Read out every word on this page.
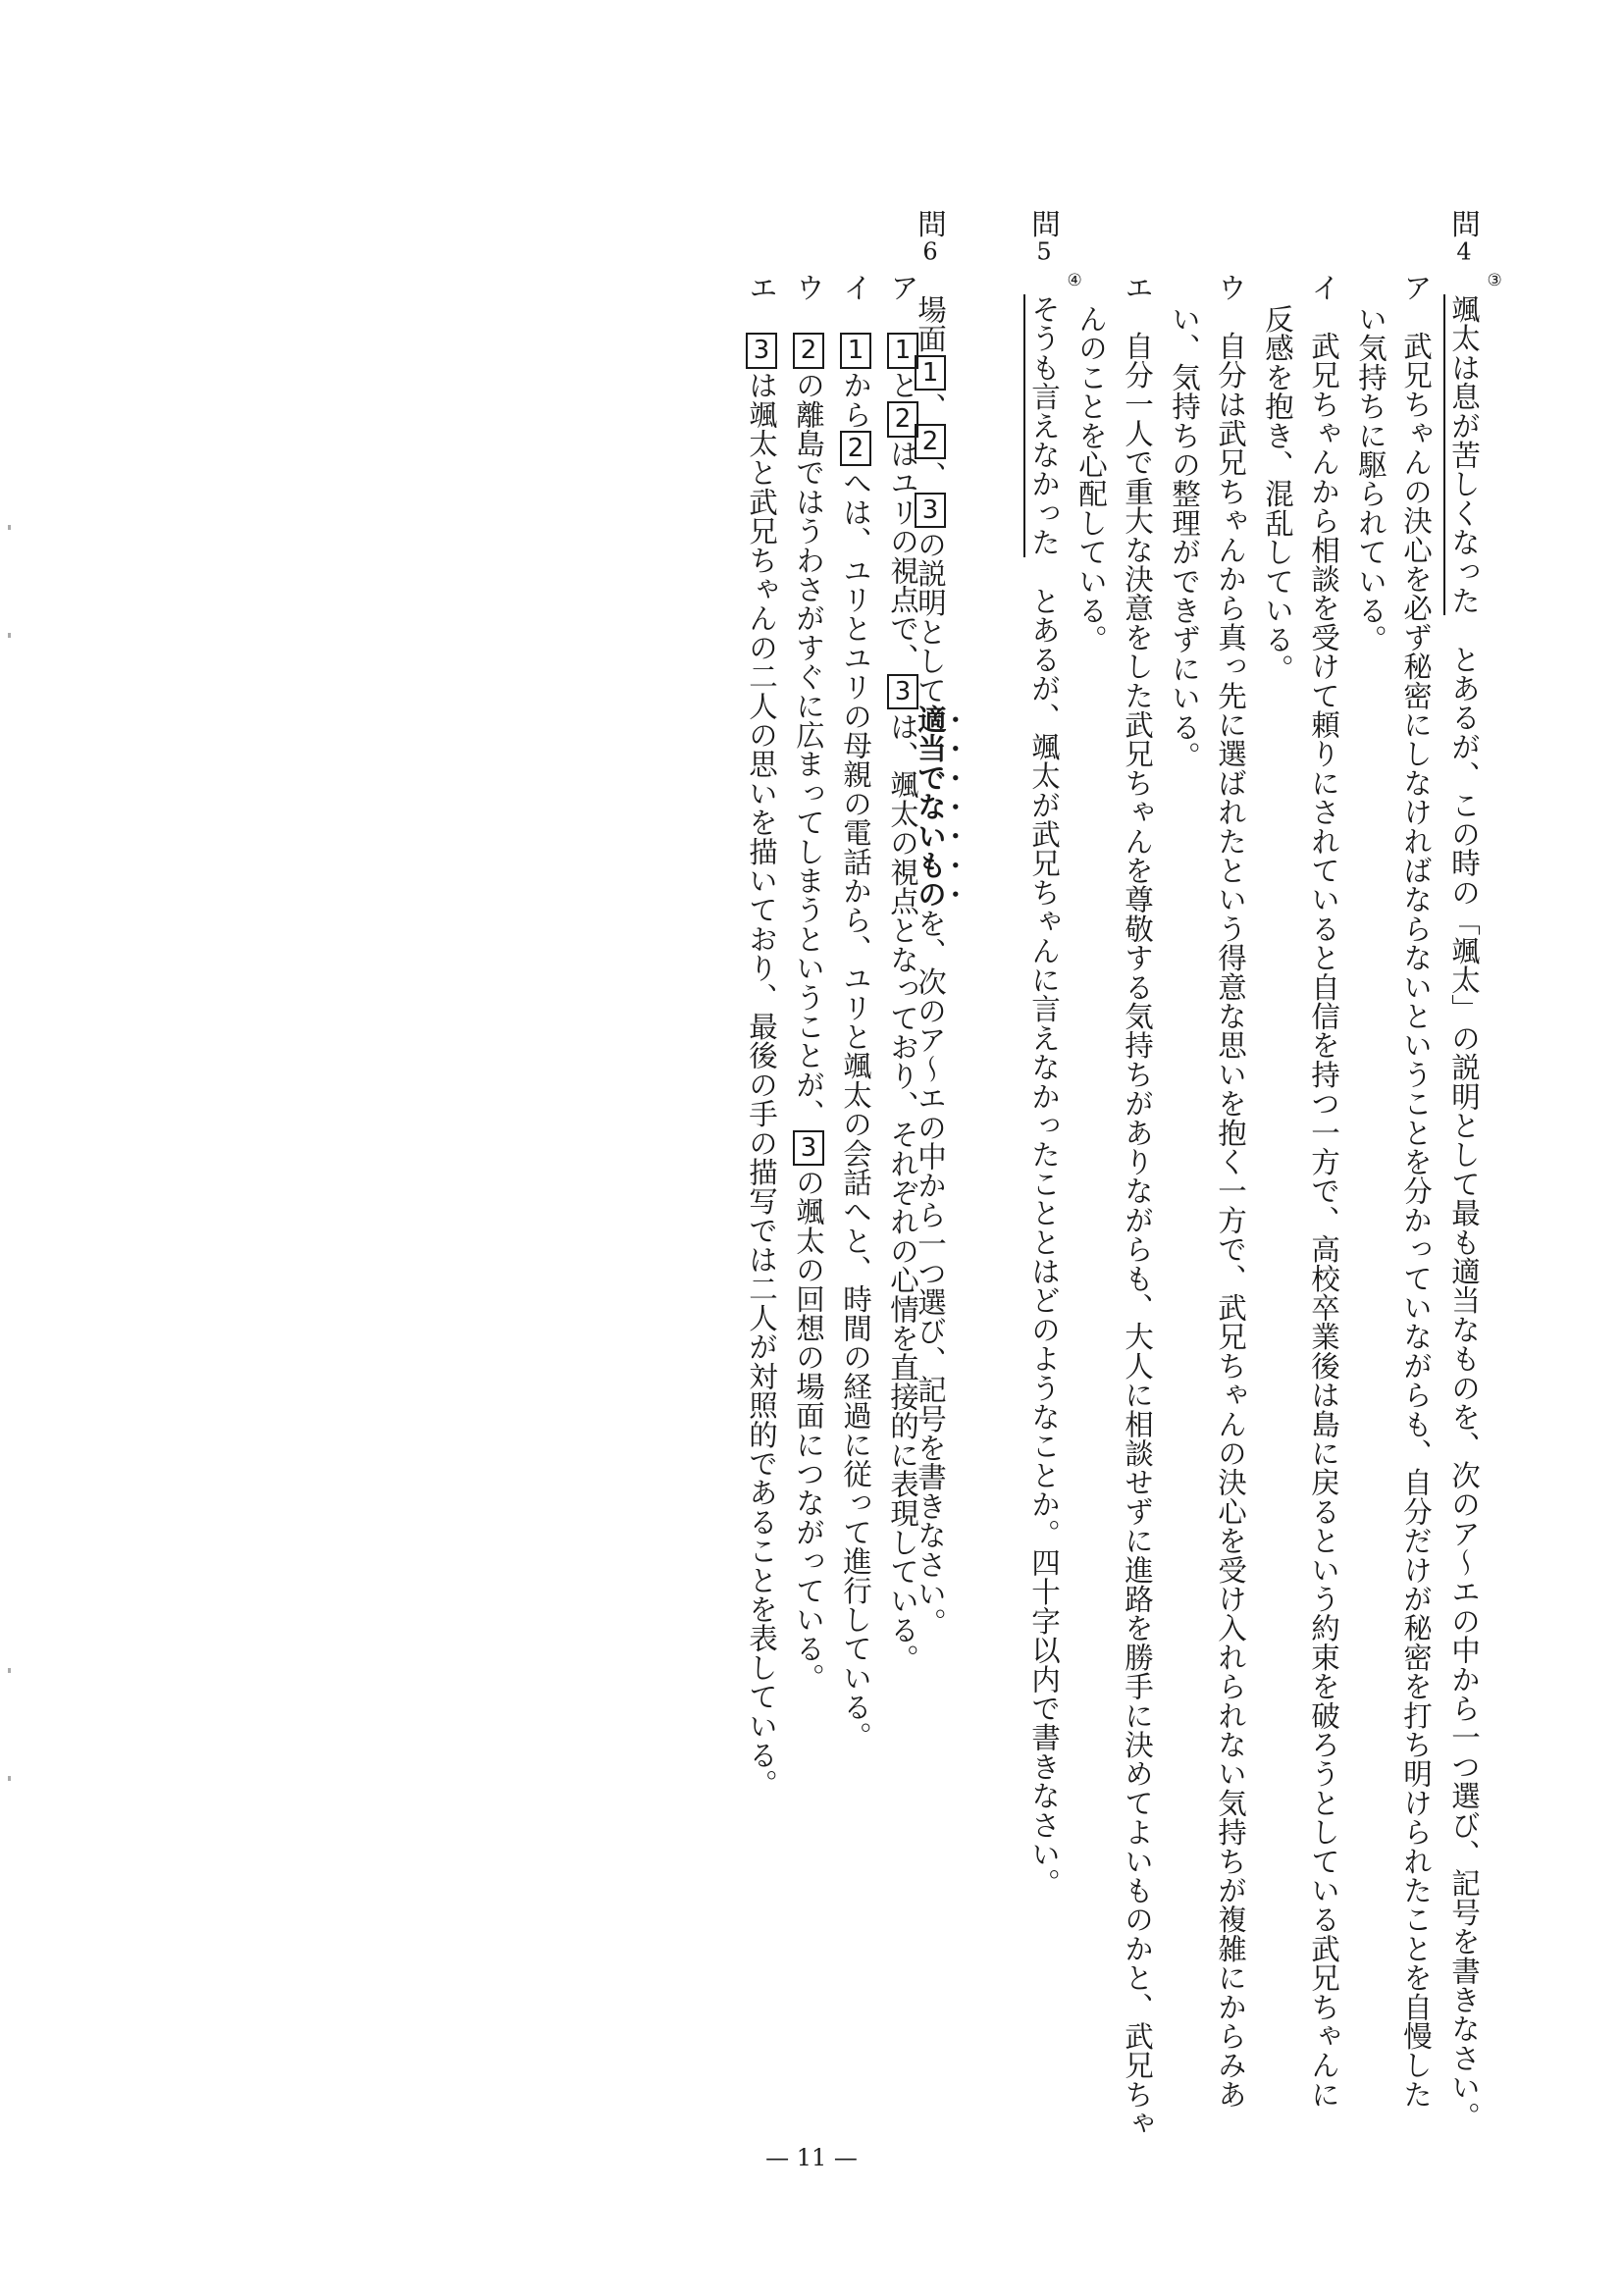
問4　
③
颯太は息が苦しくなった　とあるが、この時の「颯太」の説明として最も適当なものを、次のア～エの中から一つ選び、記号を書きなさい。
ア　武兄ちゃんの決心を必ず秘密にしなければならないということを分かっていながらも、自分だけが秘密を打ち明けられたことを自慢した
い気持ちに駆られている。
イ　武兄ちゃんから相談を受けて頼りにされていると自信を持つ一方で、高校卒業後は島に戻るという約束を破ろうとしている武兄ちゃんに
反感を抱き、混乱している。
ウ　自分は武兄ちゃんから真っ先に選ばれたという得意な思いを抱く一方で、武兄ちゃんの決心を受け入れられない気持ちが複雑にからみあ
い、気持ちの整理ができずにいる。
エ　自分一人で重大な決意をした武兄ちゃんを尊敬する気持ちがありながらも、大人に相談せずに進路を勝手に決めてよいものかと、武兄ちゃ
んのことを心配している。
問5　
④
そうも言えなかった　とあるが、颯太が武兄ちゃんに言えなかったこととはどのようなことか。四十字以内で書きなさい。
問6　場面1、2、3の説明として適当でないものを、次のア～エの中から一つ選び、記号を書きなさい。
ア　1と2はユリの視点で、3は、颯太の視点となっており、それぞれの心情を直接的に表現している。
イ　1から2へは、ユリとユリの母親の電話から、ユリと颯太の会話へと、時間の経過に従って進行している。
ウ　2の離島ではうわさがすぐに広まってしまうということが、3の颯太の回想の場面につながっている。
エ　3は颯太と武兄ちゃんの二人の思いを描いており、最後の手の描写では二人が対照的であることを表している。
— 11 —
